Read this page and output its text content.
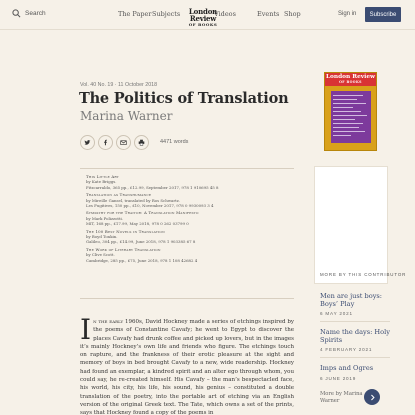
Search	The Paper Subjects	Videos	Events Shop
London Review
OF BOOKS
Sign in	Subscribe
Vol. 40 No. 19 · 11 October 2018
The Politics of Translation
Marina Warner
4471 words
This Little Art
by Kate Briggs.
Fitzcarraldo, 365 pp., £12.99, September 2017, 978 1 910695 45 8
Translation as Transhumance
by Mireille Gansel, translated by Ros Schwartz.
Les Fugitives, 150 pp., £10, November 2017, 978 0 9930093 3 4
Sympathy for the Traitor: A Translation Manifesto
by Mark Polizzotti.
MIT, 168 pp., £17.99, May 2018, 978 0 262 03799 0
The 100 Best Novels in Translation
by Boyd Tonkin.
Galileo, 304 pp., £14.99, June 2018, 978 1 903385 67 8
The Work of Literary Translation
by Clive Scott.
Cambridge, 285 pp., £75, June 2018, 978 1 108 42682 4
In the early 1960s, David Hockney made a series of etchings inspired by the poems of Constantine Cavafy; he went to Egypt to discover the places Cavafy had drunk coffee and picked up lovers, but in the images it’s mainly Hockney’s own life and friends who figure. The etchings touch on rapture, and the frankness of their erotic pleasure at the sight and memory of boys in bed brought Cavafy to a new, wide readership. Hockney had found an exemplar, a kindred spirit and an alter ego through whom, you could say, he re-created himself. His Cavafy – the man’s bespectacled face, his world, his city, his life, his sound, his genius – constituted a double translation of the poetry, into the portable art of etching via an English version of the original Greek text. The Tate, which owns a set of the prints, says that Hockney found a copy of the poems in
London Review
OF BOOKS
MORE BY THIS CONTRIBUTOR
Men are just boys: Boys’ Play
6 MAY 2021
Name the days: Holy Spirits
4 FEBRUARY 2021
Imps and Ogres
6 JUNE 2019
More by Marina Warner
